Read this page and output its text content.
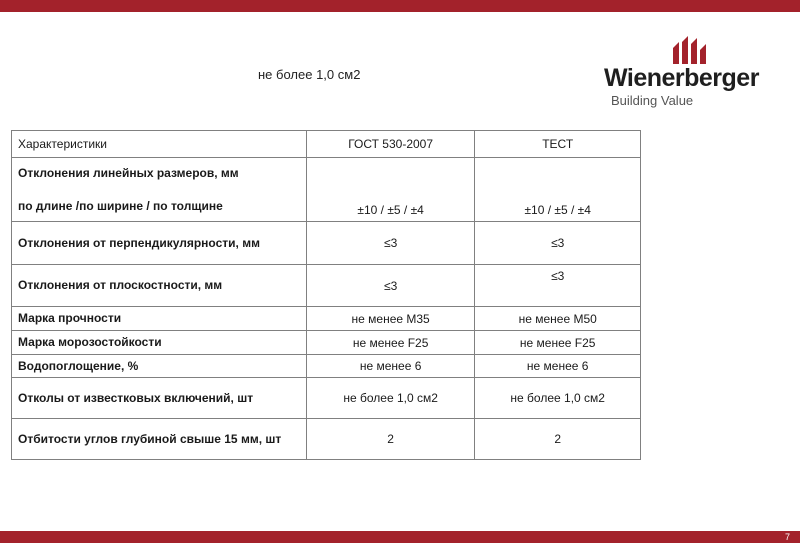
не более 1,0 см2	Wienerberger
Building Value
Характеристики	ГОСТ 530-2007	ТЕСТ
Отклонения линейных размеров, мм
по длине /по ширине / по толщине	±10 / ±5 / ±4	±10 / ±5 / ±4
Отклонения от перпендикулярности, мм	≤3	≤3
Отклонения от плоскостности, мм	≤3	≤3
Марка прочности	не менее М35	не менее М50
Марка морозостойкости	не менее F25	не менее F25
Водопоглощение, %	не менее 6	не менее 6
Отколы от известковых включений, шт	не более 1,0 см2	не более 1,0 см2
Отбитости углов глубиной свыше 15 мм, шт	2	2
7
